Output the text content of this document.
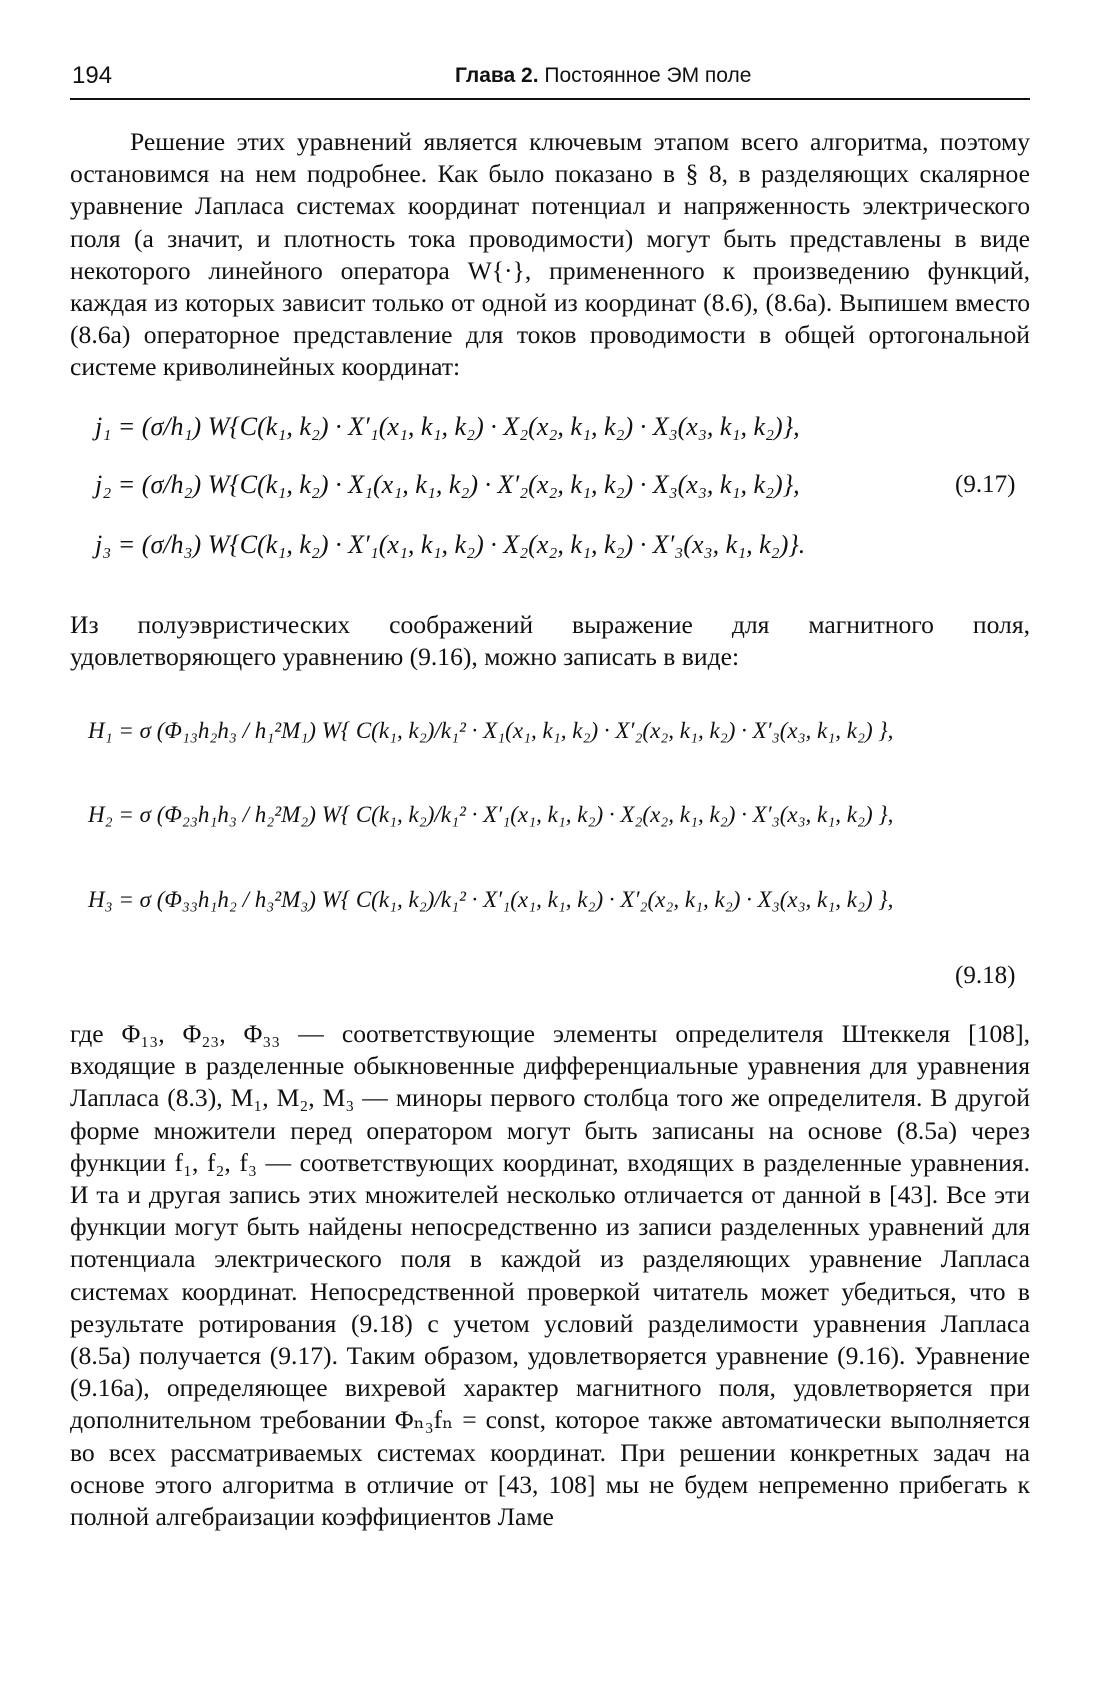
194	Глава 2. Постоянное ЭМ поле

Решение этих уравнений является ключевым этапом всего алгоритма, поэтому остановимся на нем подробнее. Как было показано в § 8, в разделяющих скалярное уравнение Лапласа системах координат потенциал и напряженность электрического поля (а значит, и плотность тока проводимости) могут быть представлены в виде некоторого линейного оператора W{·}, примененного к произведению функций, каждая из которых зависит только от одной из координат (8.6), (8.6a). Выпишем вместо (8.6a) операторное представление для токов проводимости в общей ортогональной системе криволинейных координат:

j₁ = (σ/h₁) W{C(k₁, k₂) · X′₁(x₁, k₁, k₂) · X₂(x₂, k₁, k₂) · X₃(x₃, k₁, k₂)},
j₂ = (σ/h₂) W{C(k₁, k₂) · X₁(x₁, k₁, k₂) · X′₂(x₂, k₁, k₂) · X₃(x₃, k₁, k₂)},
j₃ = (σ/h₃) W{C(k₁, k₂) · X′₁(x₁, k₁, k₂) · X₂(x₂, k₁, k₂) · X′₃(x₃, k₁, k₂)}.
(9.17)

Из полуэвристических соображений выражение для магнитного поля, удовлетворяющего уравнению (9.16), можно записать в виде:

H₁ = σ (Φ₁₃h₂h₃ / h₁²M₁) W{ C(k₁, k₂)/k₁² · X₁(x₁, k₁, k₂) · X′₂(x₂, k₁, k₂) · X′₃(x₃, k₁, k₂) },
H₂ = σ (Φ₂₃h₁h₃ / h₂²M₂) W{ C(k₁, k₂)/k₁² · X′₁(x₁, k₁, k₂) · X₂(x₂, k₁, k₂) · X′₃(x₃, k₁, k₂) },
H₃ = σ (Φ₃₃h₁h₂ / h₃²M₃) W{ C(k₁, k₂)/k₁² · X′₁(x₁, k₁, k₂) · X′₂(x₂, k₁, k₂) · X₃(x₃, k₁, k₂) },
(9.18)

где Φ₁₃, Φ₂₃, Φ₃₃ — соответствующие элементы определителя Штеккеля [108], входящие в разделенные обыкновенные дифференциальные уравнения для уравнения Лапласа (8.3), M₁, M₂, M₃ — миноры первого столбца того же определителя. В другой форме множители перед оператором могут быть записаны на основе (8.5a) через функции f₁, f₂, f₃ — соответствующих координат, входящих в разделенные уравнения. И та и другая запись этих множителей несколько отличается от данной в [43]. Все эти функции могут быть найдены непосредственно из записи разделенных уравнений для потенциала электрического поля в каждой из разделяющих уравнение Лапласа системах координат. Непосредственной проверкой читатель может убедиться, что в результате ротирования (9.18) с учетом условий разделимости уравнения Лапласа (8.5a) получается (9.17). Таким образом, удовлетворяется уравнение (9.16). Уравнение (9.16a), определяющее вихревой характер магнитного поля, удовлетворяется при дополнительном требовании Φₙ₃fₙ = const, которое также автоматически выполняется во всех рассматриваемых системах координат. При решении конкретных задач на основе этого алгоритма в отличие от [43, 108] мы не будем непременно прибегать к полной алгебраизации коэффициентов Ламе
